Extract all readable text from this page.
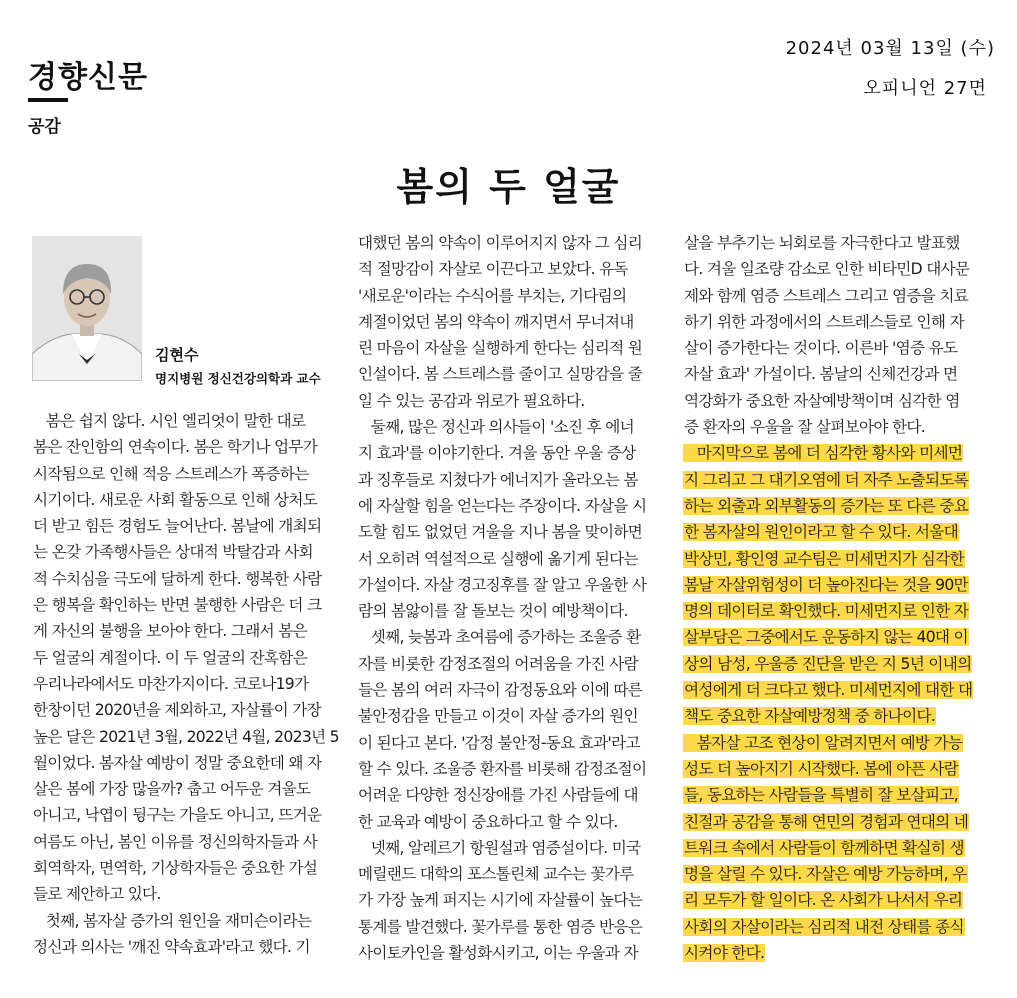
경향신문
2024년 03월 13일 (수)
오피니언 27면
공감
봄의 두 얼굴
김현수
명지병원 정신건강의학과 교수
봄은 쉽지 않다. 시인 엘리엇이 말한 대로
봄은 잔인함의 연속이다. 봄은 학기나 업무가
시작됨으로 인해 적응 스트레스가 폭증하는
시기이다. 새로운 사회 활동으로 인해 상처도
더 받고 힘든 경험도 늘어난다. 봄날에 개최되
는 온갖 가족행사들은 상대적 박탈감과 사회
적 수치심을 극도에 달하게 한다. 행복한 사람
은 행복을 확인하는 반면 불행한 사람은 더 크
게 자신의 불행을 보아야 한다. 그래서 봄은
두 얼굴의 계절이다. 이 두 얼굴의 잔혹함은
우리나라에서도 마찬가지이다. 코로나19가
한창이던 2020년을 제외하고, 자살률이 가장
높은 달은 2021년 3월, 2022년 4월, 2023년 5
월이었다. 봄자살 예방이 정말 중요한데 왜 자
살은 봄에 가장 많을까? 춥고 어두운 겨울도
아니고, 낙엽이 뒹구는 가을도 아니고, 뜨거운
여름도 아닌, 봄인 이유를 정신의학자들과 사
회역학자, 면역학, 기상학자들은 중요한 가설
들로 제안하고 있다.
첫째, 봄자살 증가의 원인을 재미슨이라는
정신과 의사는 '깨진 약속효과'라고 했다. 기
대했던 봄의 약속이 이루어지지 않자 그 심리
적 절망감이 자살로 이끈다고 보았다. 유독
'새로운'이라는 수식어를 부치는, 기다림의
계절이었던 봄의 약속이 깨지면서 무너져내
린 마음이 자살을 실행하게 한다는 심리적 원
인설이다. 봄 스트레스를 줄이고 실망감을 줄
일 수 있는 공감과 위로가 필요하다.
둘째, 많은 정신과 의사들이 '소진 후 에너
지 효과'를 이야기한다. 겨울 동안 우울 증상
과 징후들로 지쳤다가 에너지가 올라오는 봄
에 자살할 힘을 얻는다는 주장이다. 자살을 시
도할 힘도 없었던 겨울을 지나 봄을 맞이하면
서 오히려 역설적으로 실행에 옮기게 된다는
가설이다. 자살 경고징후를 잘 알고 우울한 사
람의 봄앓이를 잘 돌보는 것이 예방책이다.
셋째, 늦봄과 초여름에 증가하는 조울증 환
자를 비롯한 감정조절의 어려움을 가진 사람
들은 봄의 여러 자극이 감정동요와 이에 따른
불안정감을 만들고 이것이 자살 증가의 원인
이 된다고 본다. '감정 불안정-동요 효과'라고
할 수 있다. 조울증 환자를 비롯해 감정조절이
어려운 다양한 정신장애를 가진 사람들에 대
한 교육과 예방이 중요하다고 할 수 있다.
넷째, 알레르기 항원설과 염증설이다. 미국
메릴랜드 대학의 포스톨린체 교수는 꽃가루
가 가장 높게 퍼지는 시기에 자살률이 높다는
통계를 발견했다. 꽃가루를 통한 염증 반응은
사이토카인을 활성화시키고, 이는 우울과 자
살을 부추기는 뇌회로를 자극한다고 발표했
다. 겨울 일조량 감소로 인한 비타민D 대사문
제와 함께 염증 스트레스 그리고 염증을 치료
하기 위한 과정에서의 스트레스들로 인해 자
살이 증가한다는 것이다. 이른바 '염증 유도
자살 효과' 가설이다. 봄날의 신체건강과 면
역강화가 중요한 자살예방책이며 심각한 염
증 환자의 우울을 잘 살펴보아야 한다.
마지막으로 봄에 더 심각한 황사와 미세먼
지 그리고 그 대기오염에 더 자주 노출되도록
하는 외출과 외부활동의 증가는 또 다른 중요
한 봄자살의 원인이라고 할 수 있다. 서울대
박상민, 황인영 교수팀은 미세먼지가 심각한
봄날 자살위험성이 더 높아진다는 것을 90만
명의 데이터로 확인했다. 미세먼지로 인한 자
살부담은 그중에서도 운동하지 않는 40대 이
상의 남성, 우울증 진단을 받은 지 5년 이내의
여성에게 더 크다고 했다. 미세먼지에 대한 대
책도 중요한 자살예방정책 중 하나이다.
봄자살 고조 현상이 알려지면서 예방 가능
성도 더 높아지기 시작했다. 봄에 아픈 사람
들, 동요하는 사람들을 특별히 잘 보살피고,
친절과 공감을 통해 연민의 경험과 연대의 네
트워크 속에서 사람들이 함께하면 확실히 생
명을 살릴 수 있다. 자살은 예방 가능하며, 우
리 모두가 할 일이다. 온 사회가 나서서 우리
사회의 자살이라는 심리적 내전 상태를 종식
시켜야 한다.
